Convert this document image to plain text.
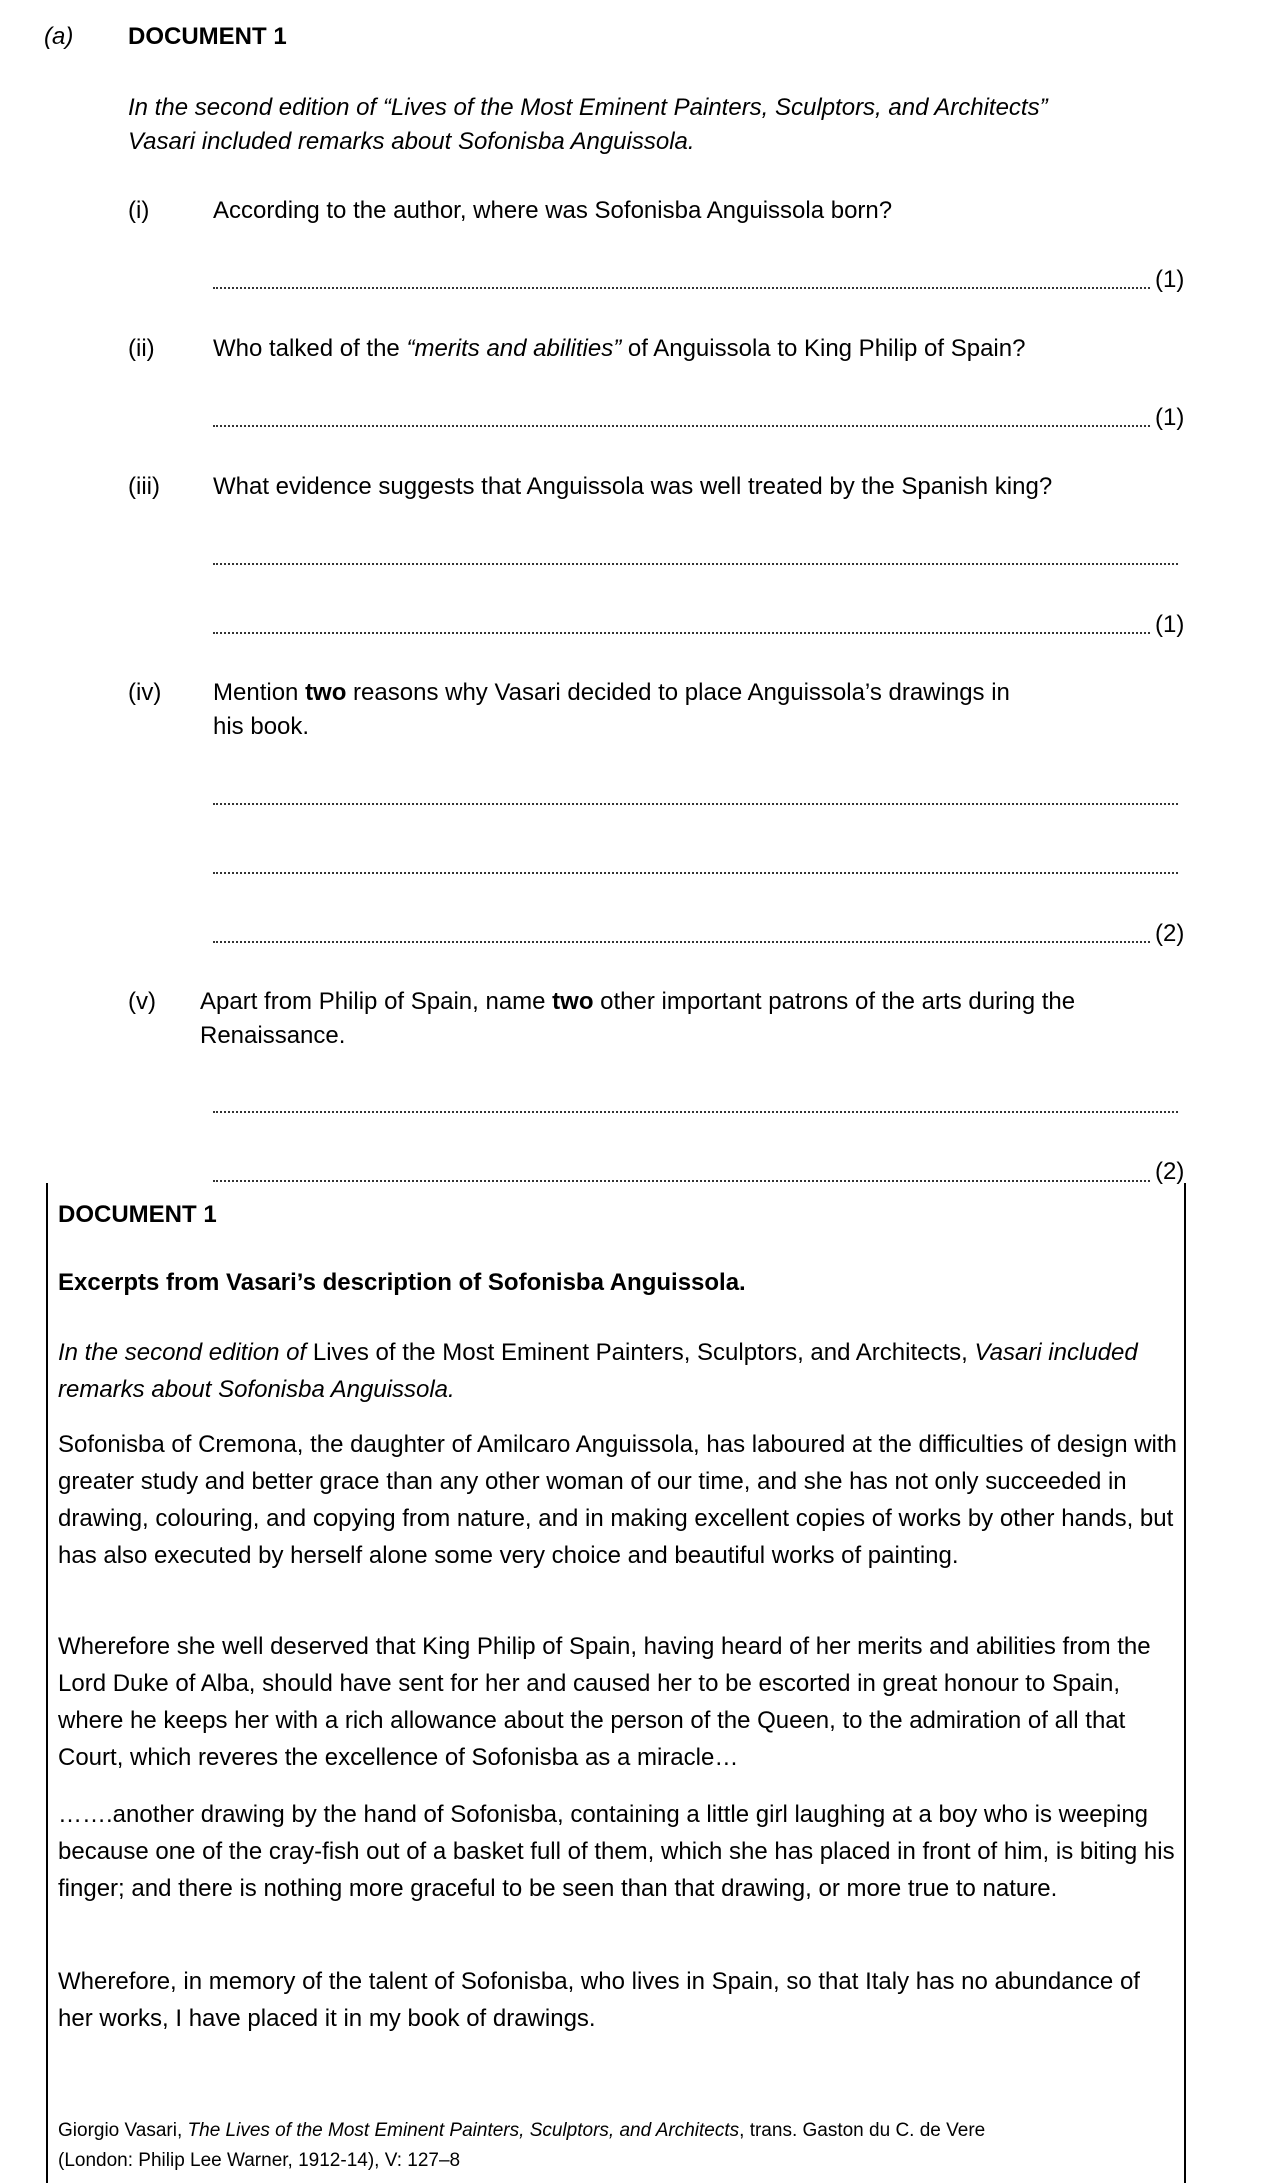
(a) DOCUMENT 1
In the second edition of “Lives of the Most Eminent Painters, Sculptors, and Architects”
Vasari included remarks about Sofonisba Anguissola.
(i)	According to the author, where was Sofonisba Anguissola born?
(1)
(ii) Who talked of the “merits and abilities” of Anguissola to King Philip of Spain?
(1)
(iii) What evidence suggests that Anguissola was well treated by the Spanish king?
(1)
(iv) Mention two reasons why Vasari decided to place Anguissola’s drawings in
his book.
(2)
(v) Apart from Philip of Spain, name two other important patrons of the arts during the
Renaissance.
(2)
DOCUMENT 1
Excerpts from Vasari’s description of Sofonisba Anguissola.
In the second edition of Lives of the Most Eminent Painters, Sculptors, and Architects, Vasari included remarks about Sofonisba Anguissola.
Sofonisba of Cremona, the daughter of Amilcaro Anguissola, has laboured at the difficulties of design with greater study and better grace than any other woman of our time, and she has not only succeeded in drawing, colouring, and copying from nature, and in making excellent copies of works by other hands, but has also executed by herself alone some very choice and beautiful works of painting.
Wherefore she well deserved that King Philip of Spain, having heard of her merits and abilities from the Lord Duke of Alba, should have sent for her and caused her to be escorted in great honour to Spain, where he keeps her with a rich allowance about the person of the Queen, to the admiration of all that Court, which reveres the excellence of Sofonisba as a miracle…
…….another drawing by the hand of Sofonisba, containing a little girl laughing at a boy who is weeping because one of the cray-fish out of a basket full of them, which she has placed in front of him, is biting his finger; and there is nothing more graceful to be seen than that drawing, or more true to nature.
Wherefore, in memory of the talent of Sofonisba, who lives in Spain, so that Italy has no abundance of her works, I have placed it in my book of drawings.
Giorgio Vasari, The Lives of the Most Eminent Painters, Sculptors, and Architects, trans. Gaston du C. de Vere
(London: Philip Lee Warner, 1912-14), V: 127–8
